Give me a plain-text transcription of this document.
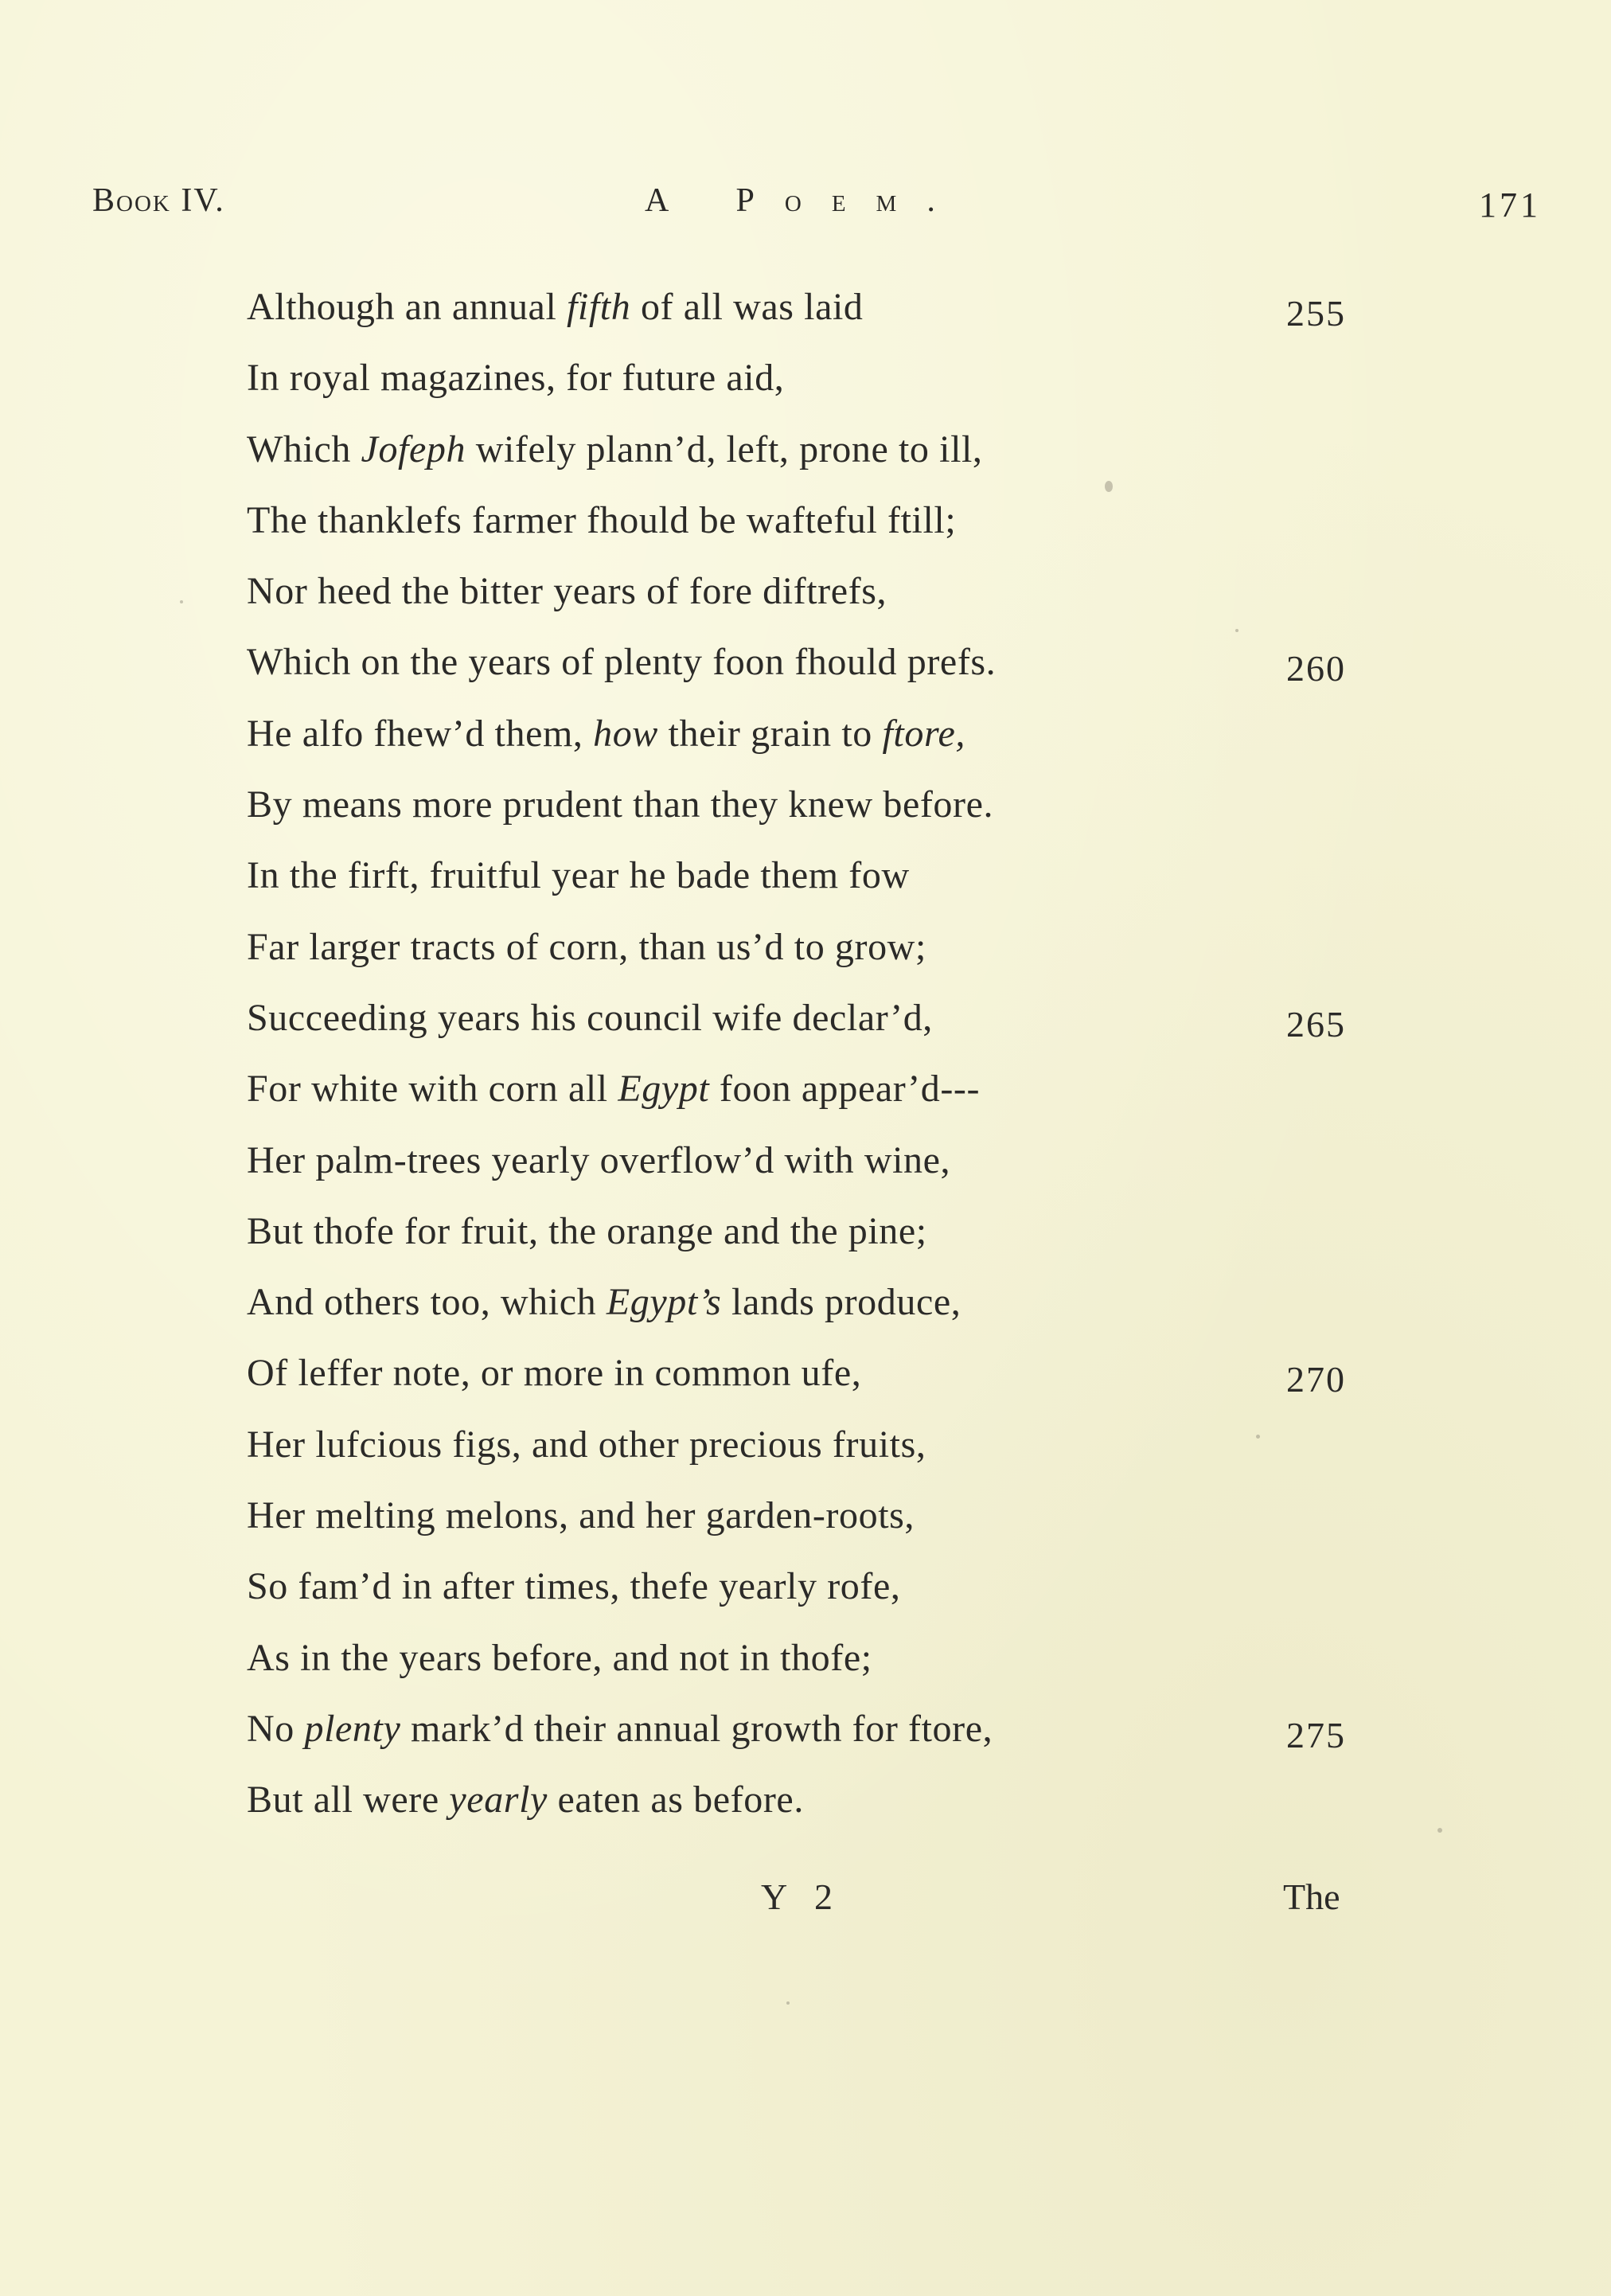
Book IV.	A Poem.	171
Although an annual fifth of all was laid	255
In royal magazines, for future aid,
Which Jofeph wifely plann’d, left, prone to ill,
The thanklefs farmer fhould be wafteful ftill;
Nor heed the bitter years of fore diftrefs,
Which on the years of plenty foon fhould prefs.	260
He alfo fhew’d them, how their grain to ftore,
By means more prudent than they knew before.
In the firft, fruitful year he bade them fow
Far larger tracts of corn, than us’d to grow;
Succeeding years his council wife declar’d,	265
For white with corn all Egypt foon appear’d---
Her palm-trees yearly overflow’d with wine,
But thofe for fruit, the orange and the pine;
And others too, which Egypt’s lands produce,
Of leffer note, or more in common ufe,	270
Her lufcious figs, and other precious fruits,
Her melting melons, and her garden-roots,
So fam’d in after times, thefe yearly rofe,
As in the years before, and not in thofe;
No plenty mark’d their annual growth for ftore,	275
But all were yearly eaten as before.
Y 2	The
